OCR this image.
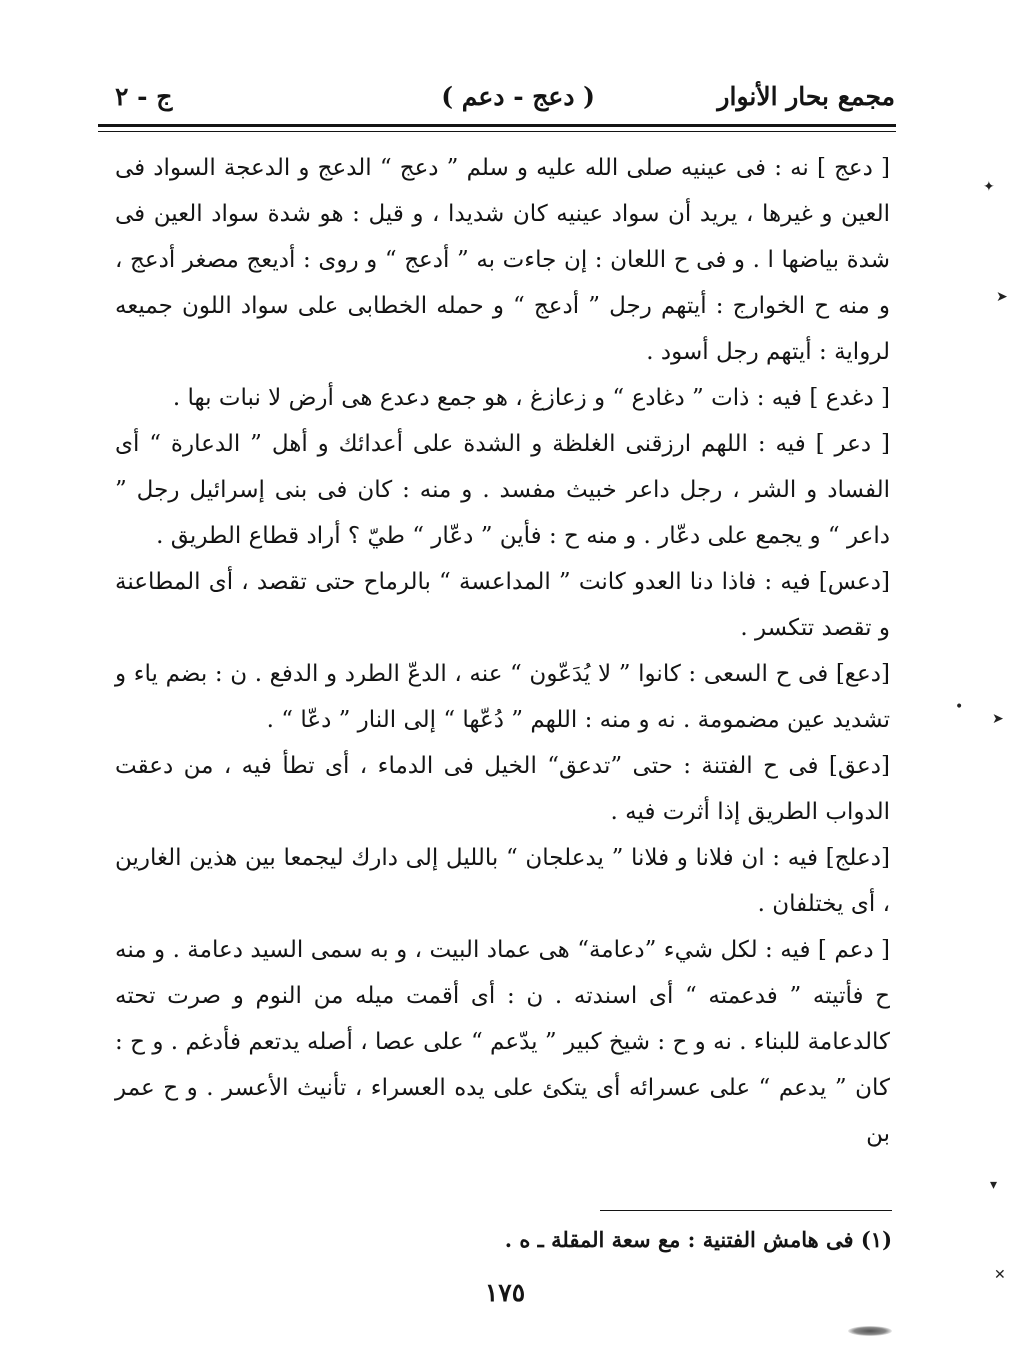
مجمع بحار الأنوار
( دعج - دعم )
ج - ٢

[ دعج ] نه : فى عينيه صلى الله عليه و سلم ” دعج “ الدعج و الدعجة السواد فى العين و غيرها ، يريد أن سواد عينيه كان شديدا ، و قيل : هو شدة سواد العين فى شدة بياضها ا . و فى ح اللعان : إن جاءت به ” أدعج “ و روى : أديعج مصغر أدعج ، و منه ح الخوارج : أيتهم رجل ” أدعج “ و حمله الخطابى على سواد اللون جميعه لرواية : أيتهم رجل أسود .

[ دغدع ] فيه : ذات ” دغادع “ و زعازغ ، هو جمع دعدع هى أرض لا نبات بها .

[ دعر ] فيه : اللهم ارزقنى الغلظة و الشدة على أعدائك و أهل ” الدعارة “ أى الفساد و الشر ، رجل داعر خبيث مفسد . و منه : كان فى بنى إسرائيل رجل ” داعر “ و يجمع على دعّار . و منه ح : فأين ” دعّار “ طيّ ؟ أراد قطاع الطريق .

[دعس] فيه : فاذا دنا العدو كانت ” المداعسة “ بالرماح حتى تقصد ، أى المطاعنة و تقصد تتكسر .

[دعع] فى ح السعى : كانوا ” لا يُدَعّون “ عنه ، الدعّ الطرد و الدفع . ن : بضم ياء و تشديد عين مضمومة . نه و منه : اللهم ” دُعّها “ إلى النار ” دعّا “ .

[دعق] فى ح الفتنة : حتى ”تدعق“ الخيل فى الدماء ، أى تطأ فيه ، من دعقت الدواب الطريق إذا أثرت فيه .

[دعلج] فيه : ان فلانا و فلانا ” يدعلجان “ بالليل إلى دارك ليجمعا بين هذين الغارين ، أى يختلفان .

[ دعم ] فيه : لكل شيء ”دعامة“ هى عماد البيت ، و به سمى السيد دعامة . و منه ح فأتيته ” فدعمته “ أى اسندته . ن : أى أقمت ميله من النوم و صرت تحته كالدعامة للبناء . نه و ح : شيخ كبير ” يدّعم “ على عصا ، أصله يدتعم فأدغم . و ح : كان ” يدعم “ على عسرائه أى يتكئ على يده العسراء ، تأنيث الأعسر . و ح عمر بن

(١) فى هامش الفتنية : مع سعة المقلة ـ ه .
١٧٥
✦
➤
•
➤
▾
✕
